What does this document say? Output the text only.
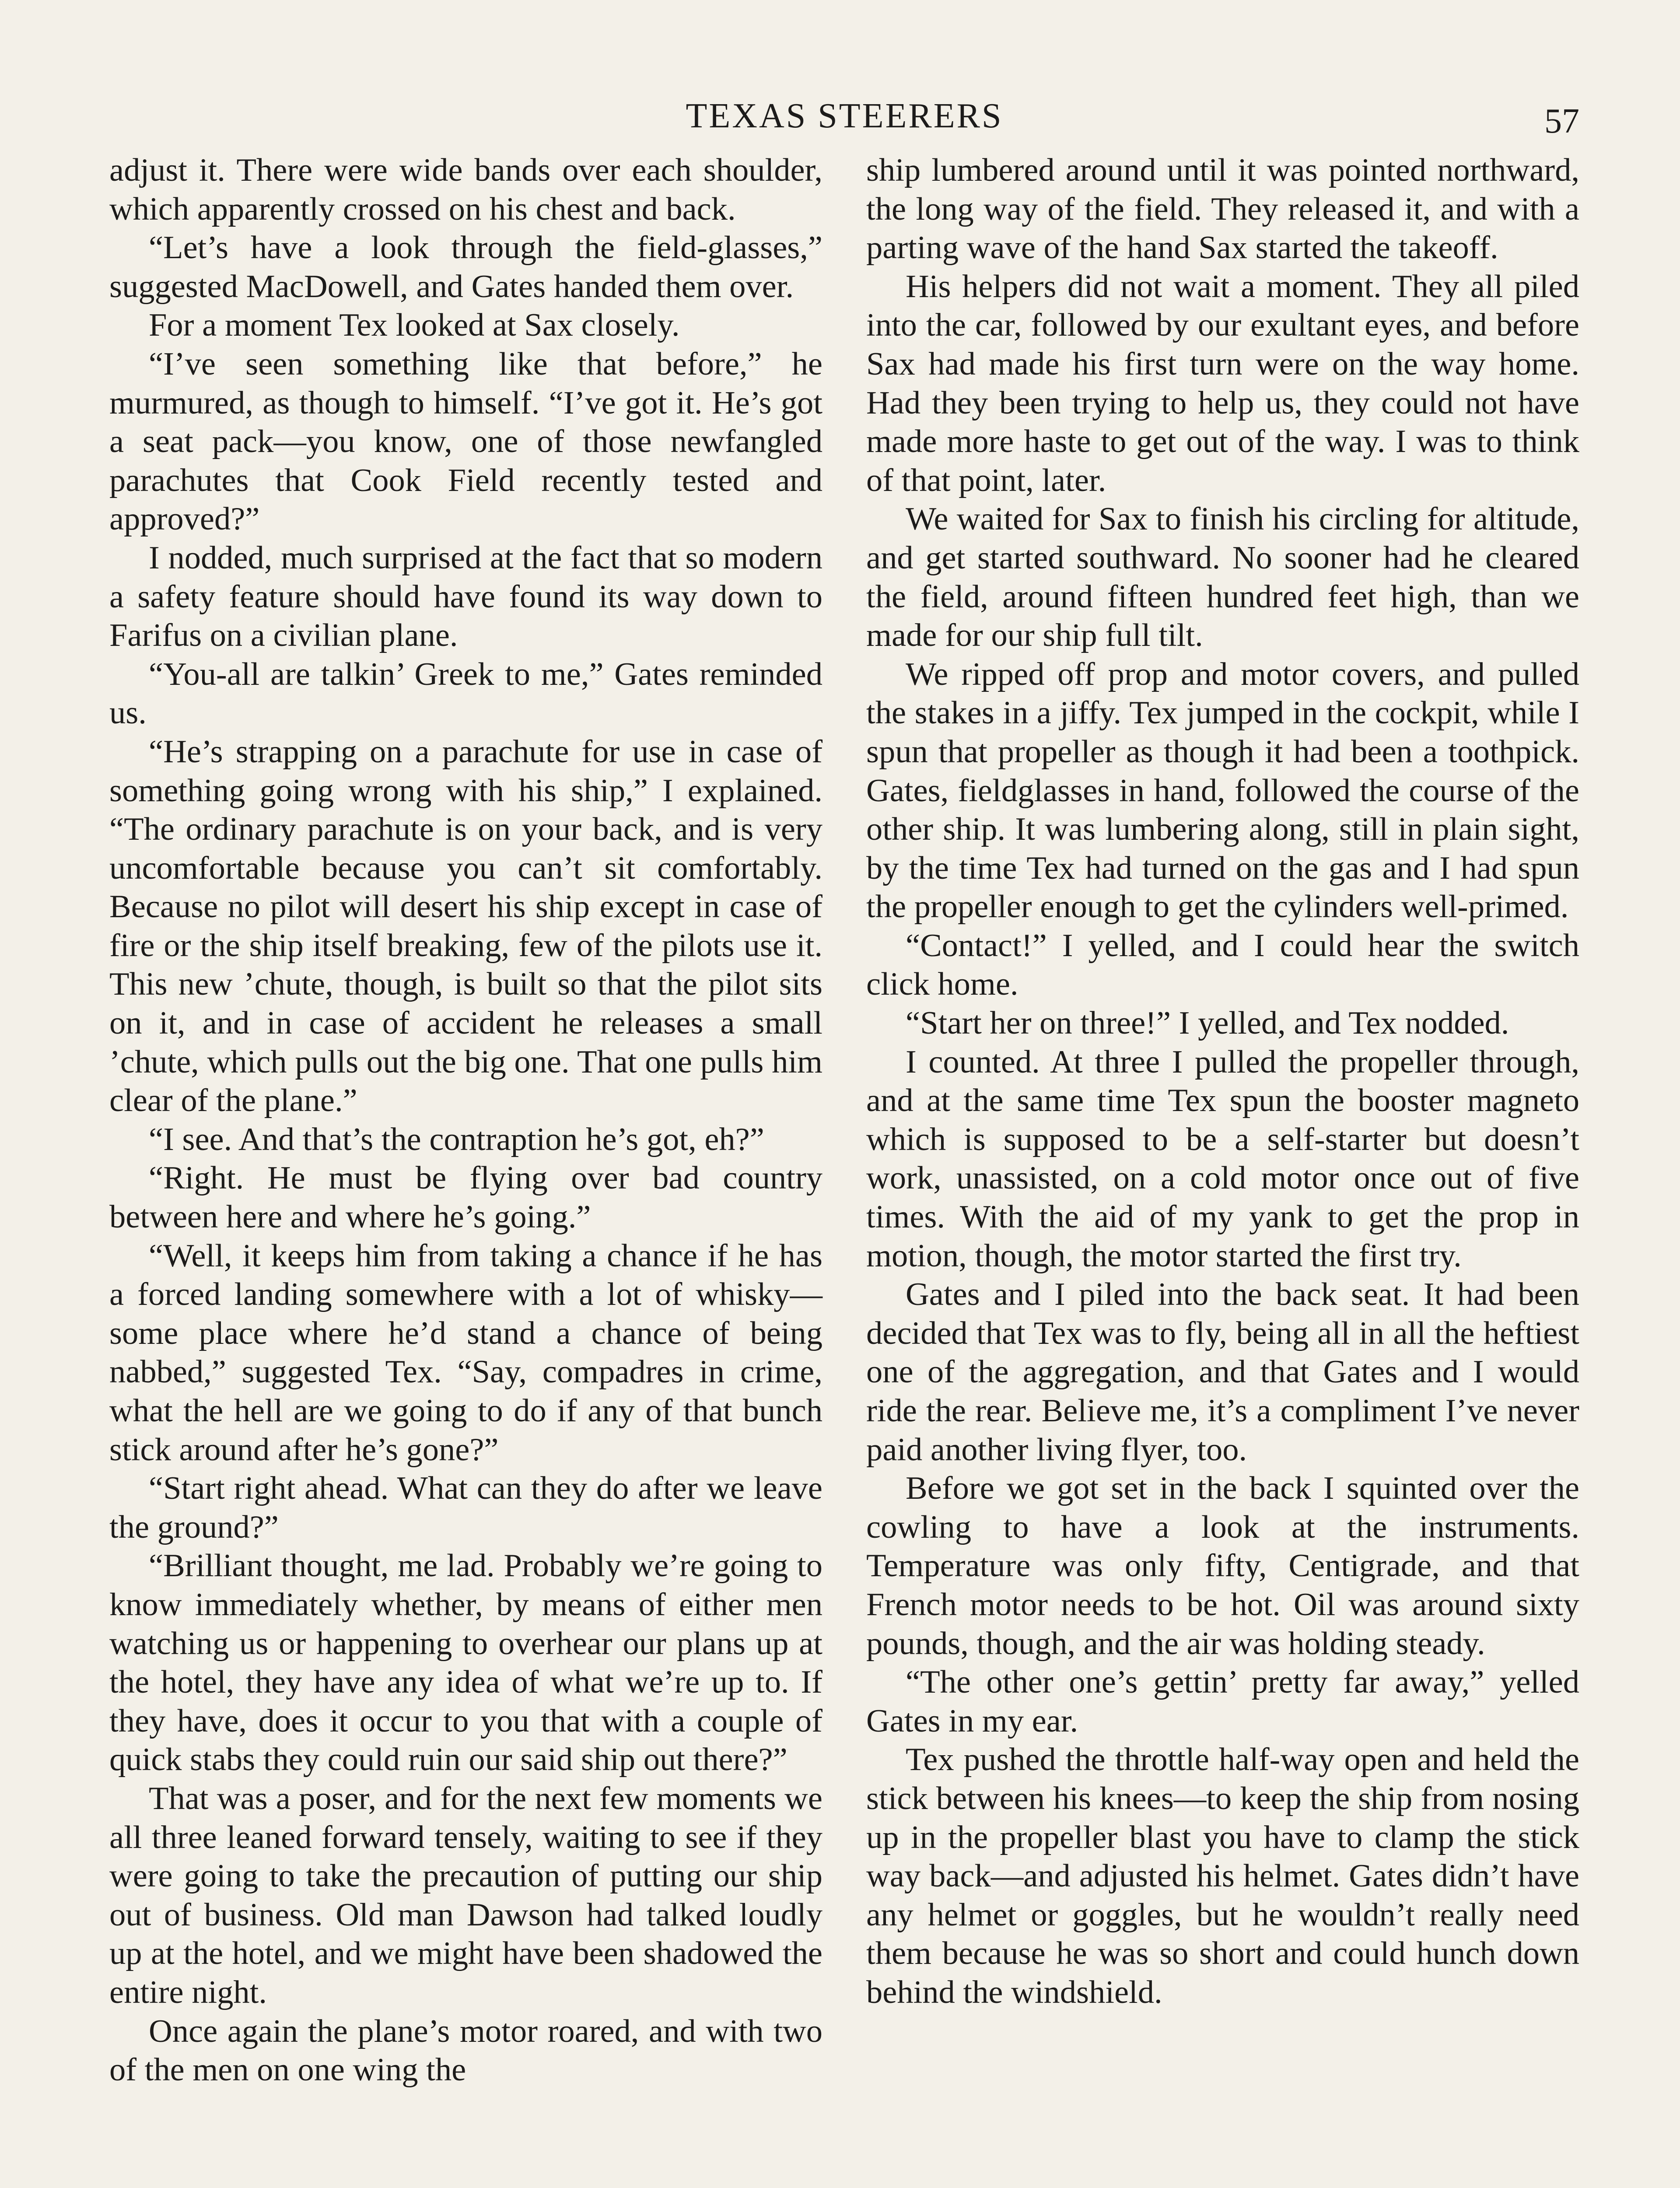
TEXAS STEERERS	57

adjust it. There were wide bands over each shoulder, which apparently crossed on his chest and back.

“Let’s have a look through the field-glasses,” suggested MacDowell, and Gates handed them over.

For a moment Tex looked at Sax closely.

“I’ve seen something like that before,” he murmured, as though to himself. “I’ve got it. He’s got a seat pack—you know, one of those newfangled parachutes that Cook Field recently tested and approved?”

I nodded, much surprised at the fact that so modern a safety feature should have found its way down to Farifus on a civilian plane.

“You-all are talkin’ Greek to me,” Gates reminded us.

“He’s strapping on a parachute for use in case of something going wrong with his ship,” I explained. “The ordinary parachute is on your back, and is very uncomfortable because you can’t sit comfortably. Because no pilot will desert his ship except in case of fire or the ship itself breaking, few of the pilots use it. This new ’chute, though, is built so that the pilot sits on it, and in case of accident he releases a small ’chute, which pulls out the big one. That one pulls him clear of the plane.”

“I see. And that’s the contraption he’s got, eh?”

“Right. He must be flying over bad country between here and where he’s going.”

“Well, it keeps him from taking a chance if he has a forced landing somewhere with a lot of whisky—some place where he’d stand a chance of being nabbed,” suggested Tex. “Say, compadres in crime, what the hell are we going to do if any of that bunch stick around after he’s gone?”

“Start right ahead. What can they do after we leave the ground?”

“Brilliant thought, me lad. Probably we’re going to know immediately whether, by means of either men watching us or happening to overhear our plans up at the hotel, they have any idea of what we’re up to. If they have, does it occur to you that with a couple of quick stabs they could ruin our said ship out there?”

That was a poser, and for the next few moments we all three leaned forward tensely, waiting to see if they were going to take the precaution of putting our ship out of business. Old man Dawson had talked loudly up at the hotel, and we might have been shadowed the entire night.

Once again the plane’s motor roared, and with two of the men on one wing the

ship lumbered around until it was pointed northward, the long way of the field. They released it, and with a parting wave of the hand Sax started the takeoff.

His helpers did not wait a moment. They all piled into the car, followed by our exultant eyes, and before Sax had made his first turn were on the way home. Had they been trying to help us, they could not have made more haste to get out of the way. I was to think of that point, later.

We waited for Sax to finish his circling for altitude, and get started southward. No sooner had he cleared the field, around fifteen hundred feet high, than we made for our ship full tilt.

We ripped off prop and motor covers, and pulled the stakes in a jiffy. Tex jumped in the cockpit, while I spun that propeller as though it had been a toothpick. Gates, fieldglasses in hand, followed the course of the other ship. It was lumbering along, still in plain sight, by the time Tex had turned on the gas and I had spun the propeller enough to get the cylinders well-primed.

“Contact!” I yelled, and I could hear the switch click home.

“Start her on three!” I yelled, and Tex nodded.

I counted. At three I pulled the propeller through, and at the same time Tex spun the booster magneto which is supposed to be a self-starter but doesn’t work, unassisted, on a cold motor once out of five times. With the aid of my yank to get the prop in motion, though, the motor started the first try.

Gates and I piled into the back seat. It had been decided that Tex was to fly, being all in all the heftiest one of the aggregation, and that Gates and I would ride the rear. Believe me, it’s a compliment I’ve never paid another living flyer, too.

Before we got set in the back I squinted over the cowling to have a look at the instruments. Temperature was only fifty, Centigrade, and that French motor needs to be hot. Oil was around sixty pounds, though, and the air was holding steady.

“The other one’s gettin’ pretty far away,” yelled Gates in my ear.

Tex pushed the throttle half-way open and held the stick between his knees—to keep the ship from nosing up in the propeller blast you have to clamp the stick way back—and adjusted his helmet. Gates didn’t have any helmet or goggles, but he wouldn’t really need them because he was so short and could hunch down behind the windshield.
